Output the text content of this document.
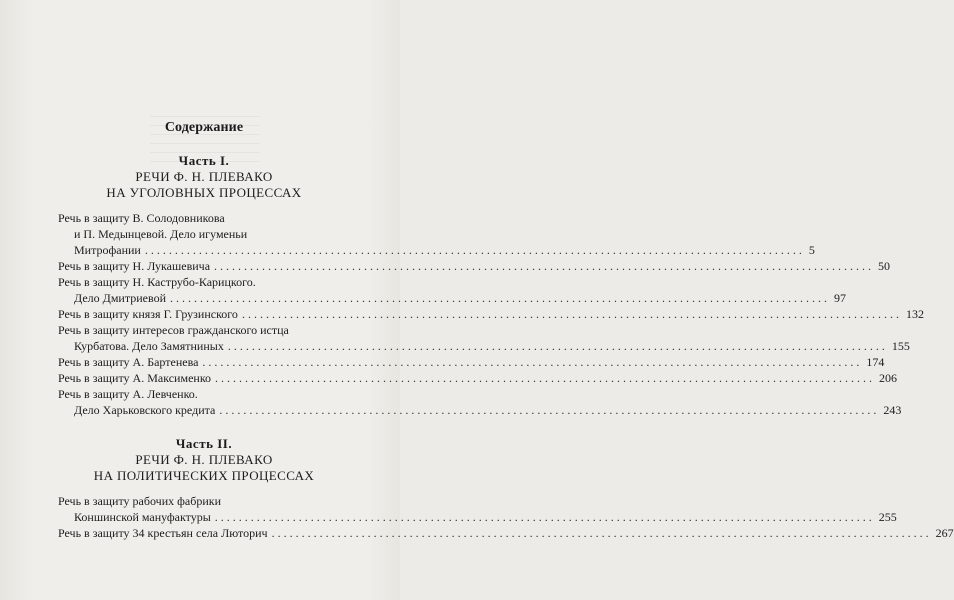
Содержание
Часть I.
РЕЧИ Ф. Н. ПЛЕВАКО
НА УГОЛОВНЫХ ПРОЦЕССАХ
Речь в защиту В. Солодовникова
и П. Медынцевой. Дело игуменьи
Митрофании .............................................................................................................. 5
Речь в защиту Н. Лукашевича .............................................................................................................. 50
Речь в защиту Н. Каструбо-Карицкого.
Дело Дмитриевой .............................................................................................................. 97
Речь в защиту князя Г. Грузинского .............................................................................................................. 132
Речь в защиту интересов гражданского истца
Курбатова. Дело Замятниных .............................................................................................................. 155
Речь в защиту А. Бартенева .............................................................................................................. 174
Речь в защиту А. Максименко .............................................................................................................. 206
Речь в защиту А. Левченко.
Дело Харьковского кредита .............................................................................................................. 243
Часть II.
РЕЧИ Ф. Н. ПЛЕВАКО
НА ПОЛИТИЧЕСКИХ ПРОЦЕССАХ
Речь в защиту рабочих фабрики
Коншинской мануфактуры .............................................................................................................. 255
Речь в защиту 34 крестьян села Люторич .............................................................................................................. 267
